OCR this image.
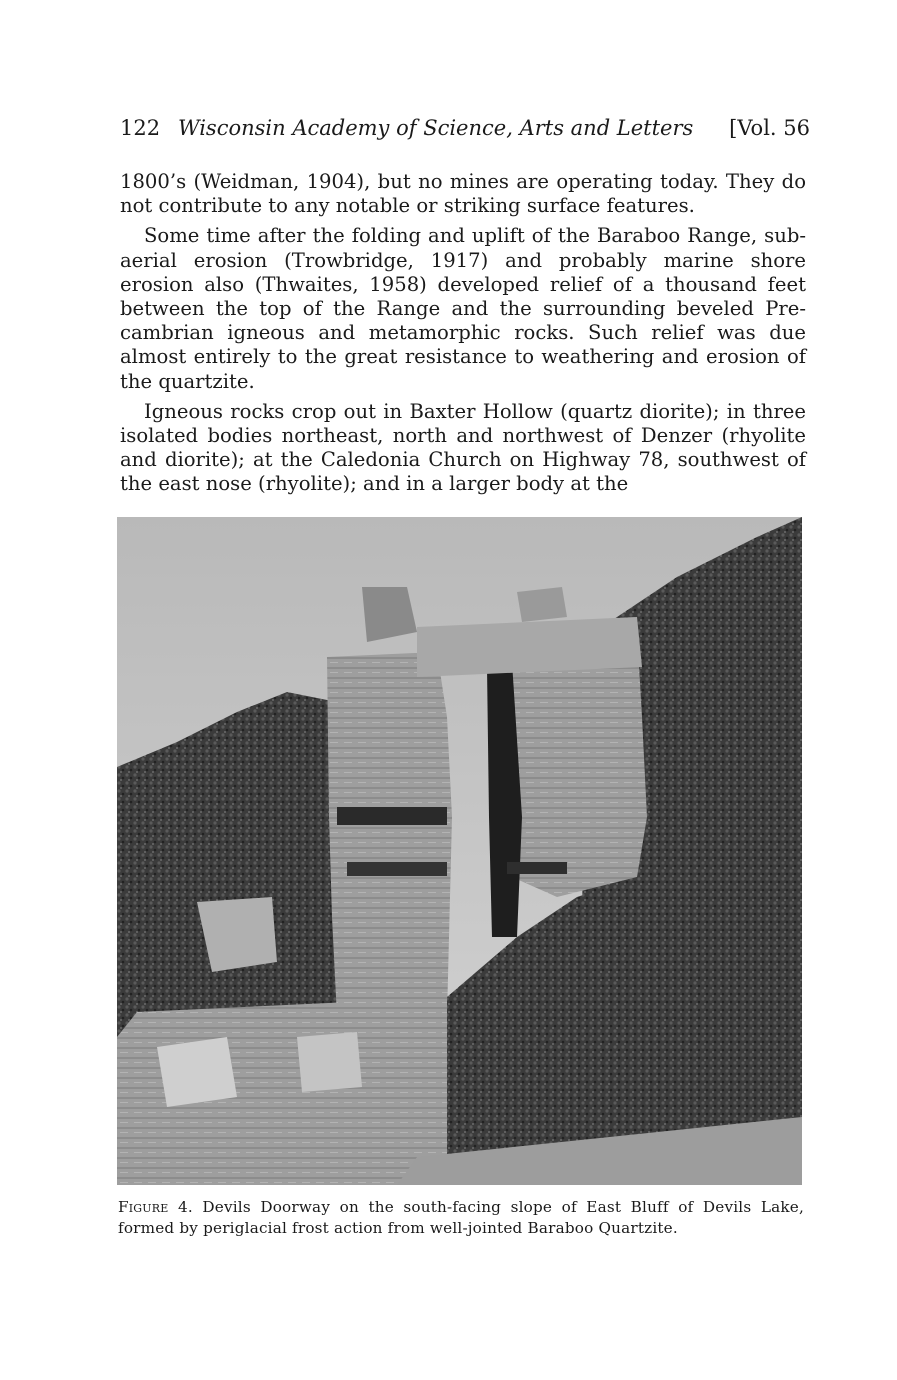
122 Wisconsin Academy of Science, Arts and Letters [Vol. 56

1800’s (Weidman, 1904), but no mines are operating today. They do not contribute to any notable or striking surface features.

Some time after the folding and uplift of the Baraboo Range, sub-aerial erosion (Trowbridge, 1917) and probably marine shore erosion also (Thwaites, 1958) developed relief of a thousand feet between the top of the Range and the surrounding beveled Pre-cambrian igneous and metamorphic rocks. Such relief was due almost entirely to the great resistance to weathering and erosion of the quartzite.

Igneous rocks crop out in Baxter Hollow (quartz diorite); in three isolated bodies northeast, north and northwest of Denzer (rhyolite and diorite); at the Caledonia Church on Highway 78, southwest of the east nose (rhyolite); and in a larger body at the

Figure 4. Devils Doorway on the south-facing slope of East Bluff of Devils Lake, formed by periglacial frost action from well-jointed Baraboo Quartzite.
